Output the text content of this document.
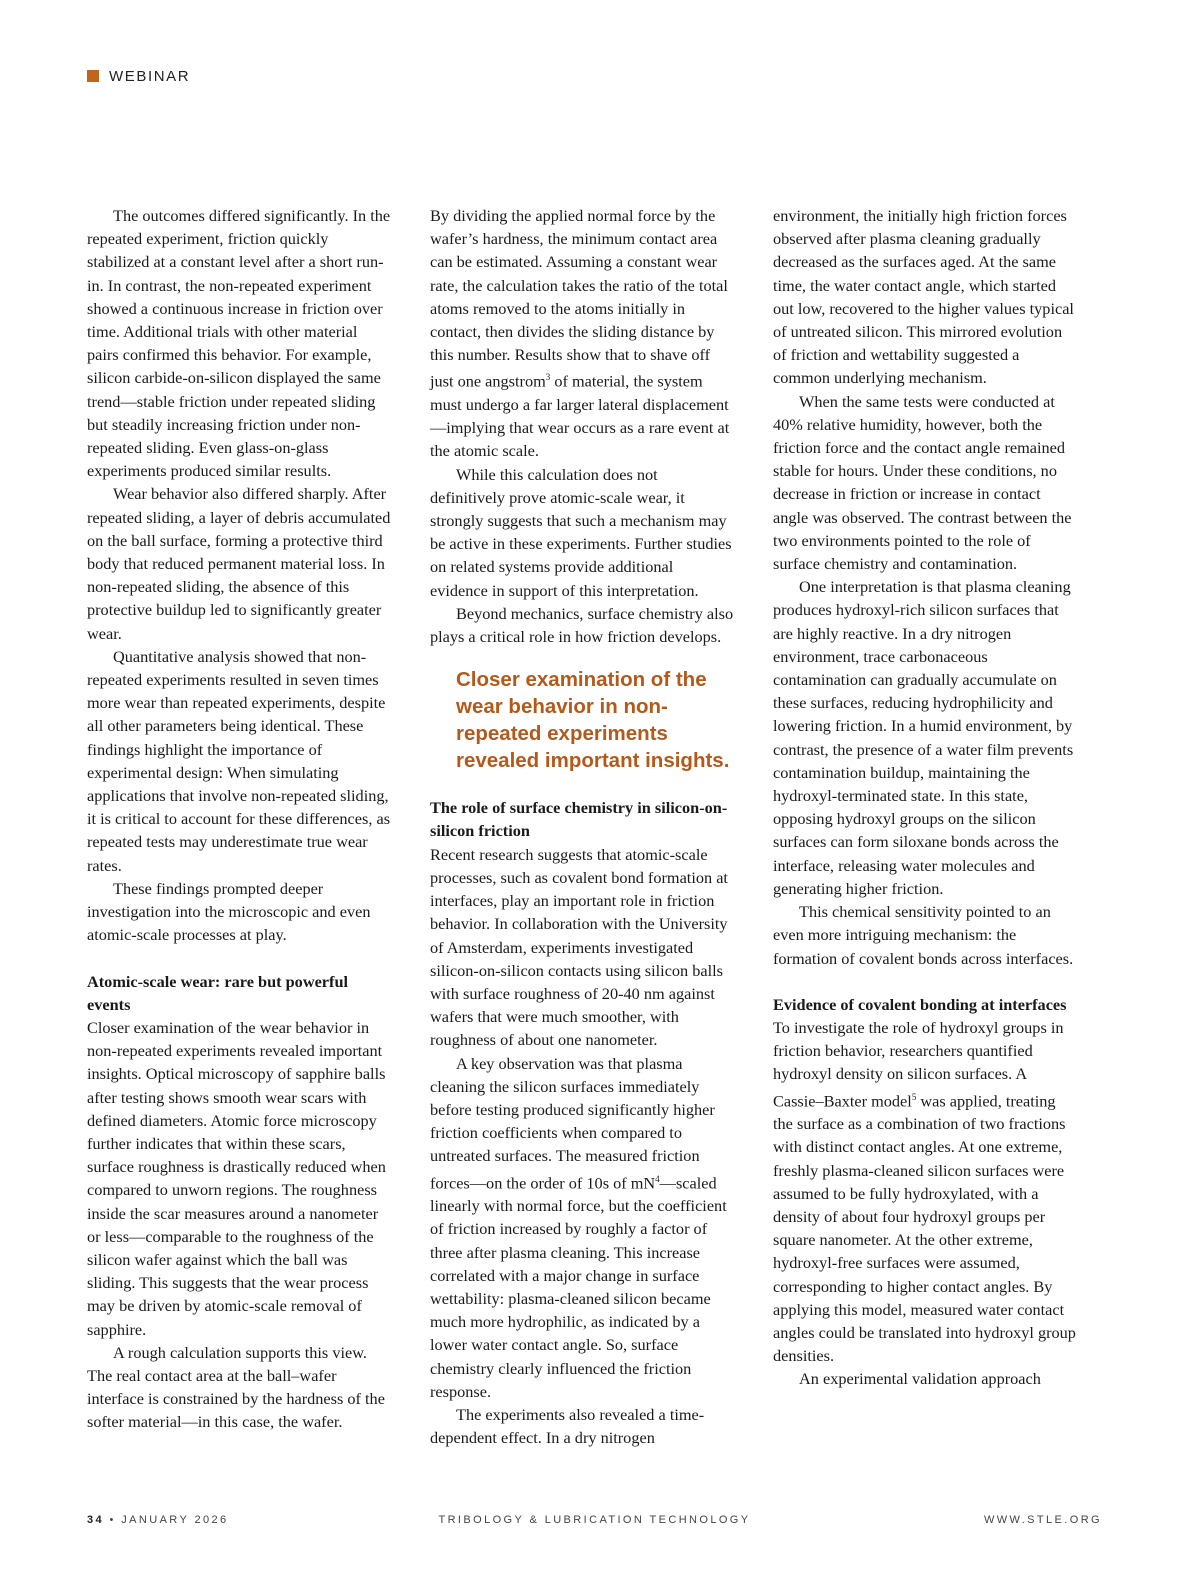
WEBINAR

The outcomes differed significantly. In the repeated experiment, friction quickly stabilized at a constant level after a short run-in. In contrast, the non-repeated experiment showed a continuous increase in friction over time. Additional trials with other material pairs confirmed this behavior. For example, silicon carbide-on-silicon displayed the same trend—stable friction under repeated sliding but steadily increasing friction under non-repeated sliding. Even glass-on-glass experiments produced similar results.

Wear behavior also differed sharply. After repeated sliding, a layer of debris accumulated on the ball surface, forming a protective third body that reduced permanent material loss. In non-repeated sliding, the absence of this protective buildup led to significantly greater wear.

Quantitative analysis showed that non-repeated experiments resulted in seven times more wear than repeated experiments, despite all other parameters being identical. These findings highlight the importance of experimental design: When simulating applications that involve non-repeated sliding, it is critical to account for these differences, as repeated tests may underestimate true wear rates.

These findings prompted deeper investigation into the microscopic and even atomic-scale processes at play.

Atomic-scale wear: rare but powerful events

Closer examination of the wear behavior in non-repeated experiments revealed important insights. Optical microscopy of sapphire balls after testing shows smooth wear scars with defined diameters. Atomic force microscopy further indicates that within these scars, surface roughness is drastically reduced when compared to unworn regions. The roughness inside the scar measures around a nanometer or less—comparable to the roughness of the silicon wafer against which the ball was sliding. This suggests that the wear process may be driven by atomic-scale removal of sapphire.

A rough calculation supports this view. The real contact area at the ball–wafer interface is constrained by the hardness of the softer material—in this case, the wafer.

By dividing the applied normal force by the wafer’s hardness, the minimum contact area can be estimated. Assuming a constant wear rate, the calculation takes the ratio of the total atoms removed to the atoms initially in contact, then divides the sliding distance by this number. Results show that to shave off just one angstrom$^3$ of material, the system must undergo a far larger lateral displacement—implying that wear occurs as a rare event at the atomic scale.

While this calculation does not definitively prove atomic-scale wear, it strongly suggests that such a mechanism may be active in these experiments. Further studies on related systems provide additional evidence in support of this interpretation.

Beyond mechanics, surface chemistry also plays a critical role in how friction develops.

Closer examination of the wear behavior in non-repeated experiments revealed important insights.
The role of surface chemistry in silicon-on-silicon friction

Recent research suggests that atomic-scale processes, such as covalent bond formation at interfaces, play an important role in friction behavior. In collaboration with the University of Amsterdam, experiments investigated silicon-on-silicon contacts using silicon balls with surface roughness of 20-40 nm against wafers that were much smoother, with roughness of about one nanometer.

A key observation was that plasma cleaning the silicon surfaces immediately before testing produced significantly higher friction coefficients when compared to untreated surfaces. The measured friction forces—on the order of 10s of $mN^4—scaled$ linearly with normal force, but the coefficient of friction increased by roughly a factor of three after plasma cleaning. This increase correlated with a major change in surface wettability: plasma-cleaned silicon became much more hydrophilic, as indicated by a lower water contact angle. So, surface chemistry clearly influenced the friction response.

The experiments also revealed a time-dependent effect. In a dry nitrogen

environment, the initially high friction forces observed after plasma cleaning gradually decreased as the surfaces aged. At the same time, the water contact angle, which started out low, recovered to the higher values typical of untreated silicon. This mirrored evolution of friction and wettability suggested a common underlying mechanism.

When the same tests were conducted at 40% relative humidity, however, both the friction force and the contact angle remained stable for hours. Under these conditions, no decrease in friction or increase in contact angle was observed. The contrast between the two environments pointed to the role of surface chemistry and contamination.

One interpretation is that plasma cleaning produces hydroxyl-rich silicon surfaces that are highly reactive. In a dry nitrogen environment, trace carbonaceous contamination can gradually accumulate on these surfaces, reducing hydrophilicity and lowering friction. In a humid environment, by contrast, the presence of a water film prevents contamination buildup, maintaining the hydroxyl-terminated state. In this state, opposing hydroxyl groups on the silicon surfaces can form siloxane bonds across the interface, releasing water molecules and generating higher friction.

This chemical sensitivity pointed to an even more intriguing mechanism: the formation of covalent bonds across interfaces.

Evidence of covalent bonding at interfaces

To investigate the role of hydroxyl groups in friction behavior, researchers quantified hydroxyl density on silicon surfaces. A Cassie–Baxter model$^5$ was applied, treating the surface as a combination of two fractions with distinct contact angles. At one extreme, freshly plasma-cleaned silicon surfaces were assumed to be fully hydroxylated, with a density of about four hydroxyl groups per square nanometer. At the other extreme, hydroxyl-free surfaces were assumed, corresponding to higher contact angles. By applying this model, measured water contact angles could be translated into hydroxyl group densities.

An experimental validation approach

34 • JANUARY 2026	TRIBOLOGY & LUBRICATION TECHNOLOGY	WWW.STLE.ORG
